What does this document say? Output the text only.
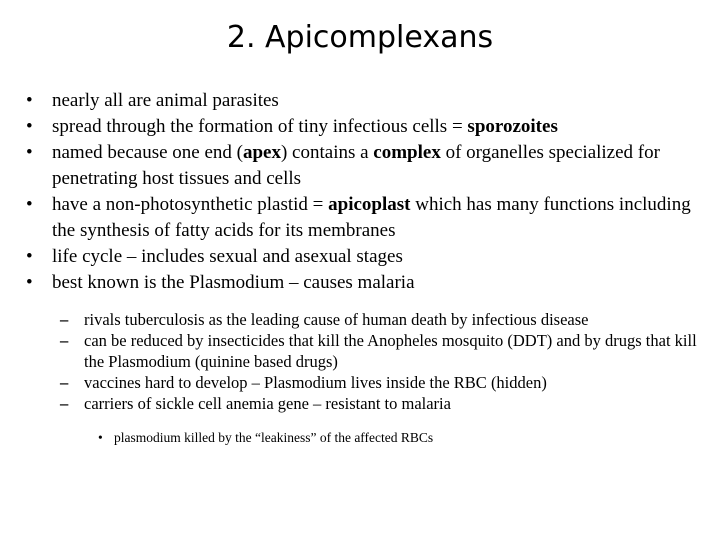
2. Apicomplexans
• nearly all are animal parasites
• spread through the formation of tiny infectious cells = sporozoites
• named because one end (apex) contains a complex of organelles specialized for penetrating host tissues and cells
• have a non-photosynthetic plastid = apicoplast which has many functions including the synthesis of fatty acids for its membranes
• life cycle – includes sexual and asexual stages
• best known is the Plasmodium – causes malaria
– rivals tuberculosis as the leading cause of human death by infectious disease
– can be reduced by insecticides that kill the Anopheles mosquito (DDT) and by drugs that kill the Plasmodium (quinine based drugs)
– vaccines hard to develop – Plasmodium lives inside the RBC (hidden)
– carriers of sickle cell anemia gene – resistant to malaria
• plasmodium killed by the “leakiness” of the affected RBCs
